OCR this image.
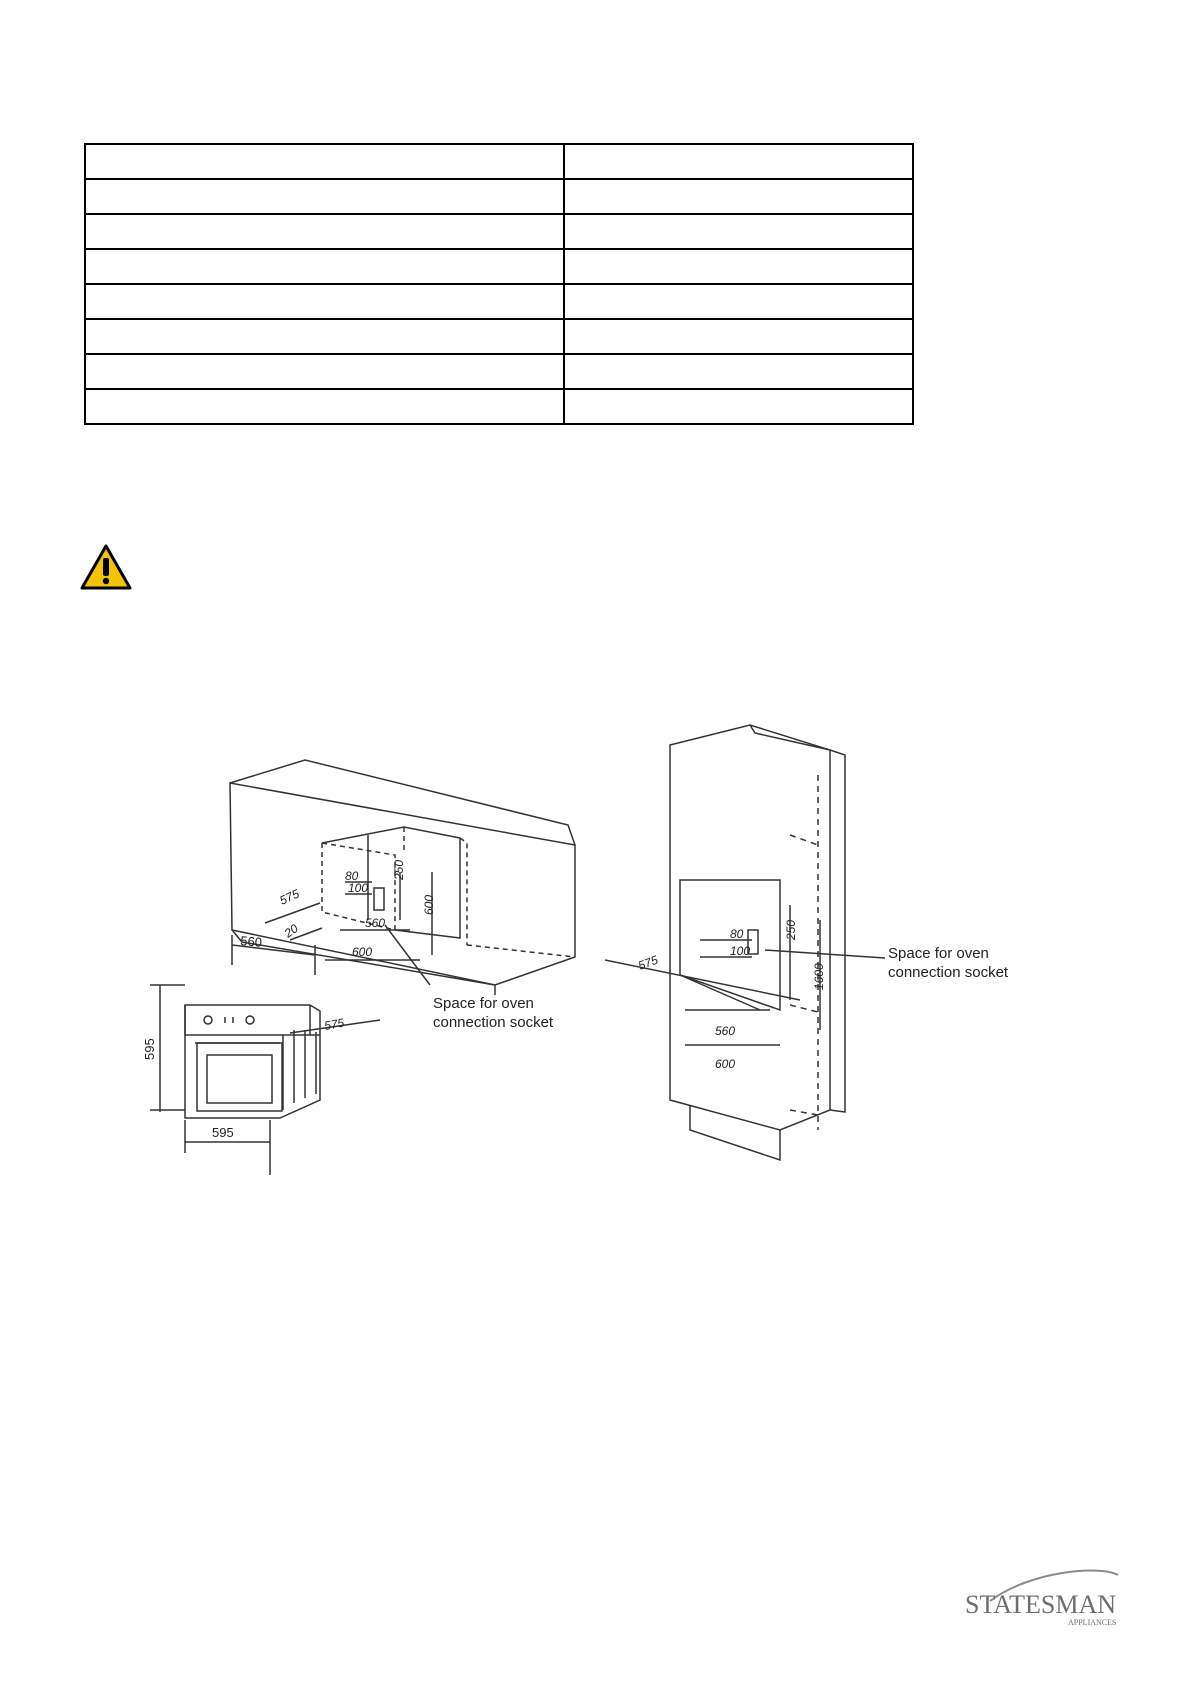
80
100
250
600
575
560
20
600
Space for oven
connection socket
560
595
575
595
575
80
100
250
1600
560
600
Space for oven
connection socket
STATESMAN
APPLIANCES
